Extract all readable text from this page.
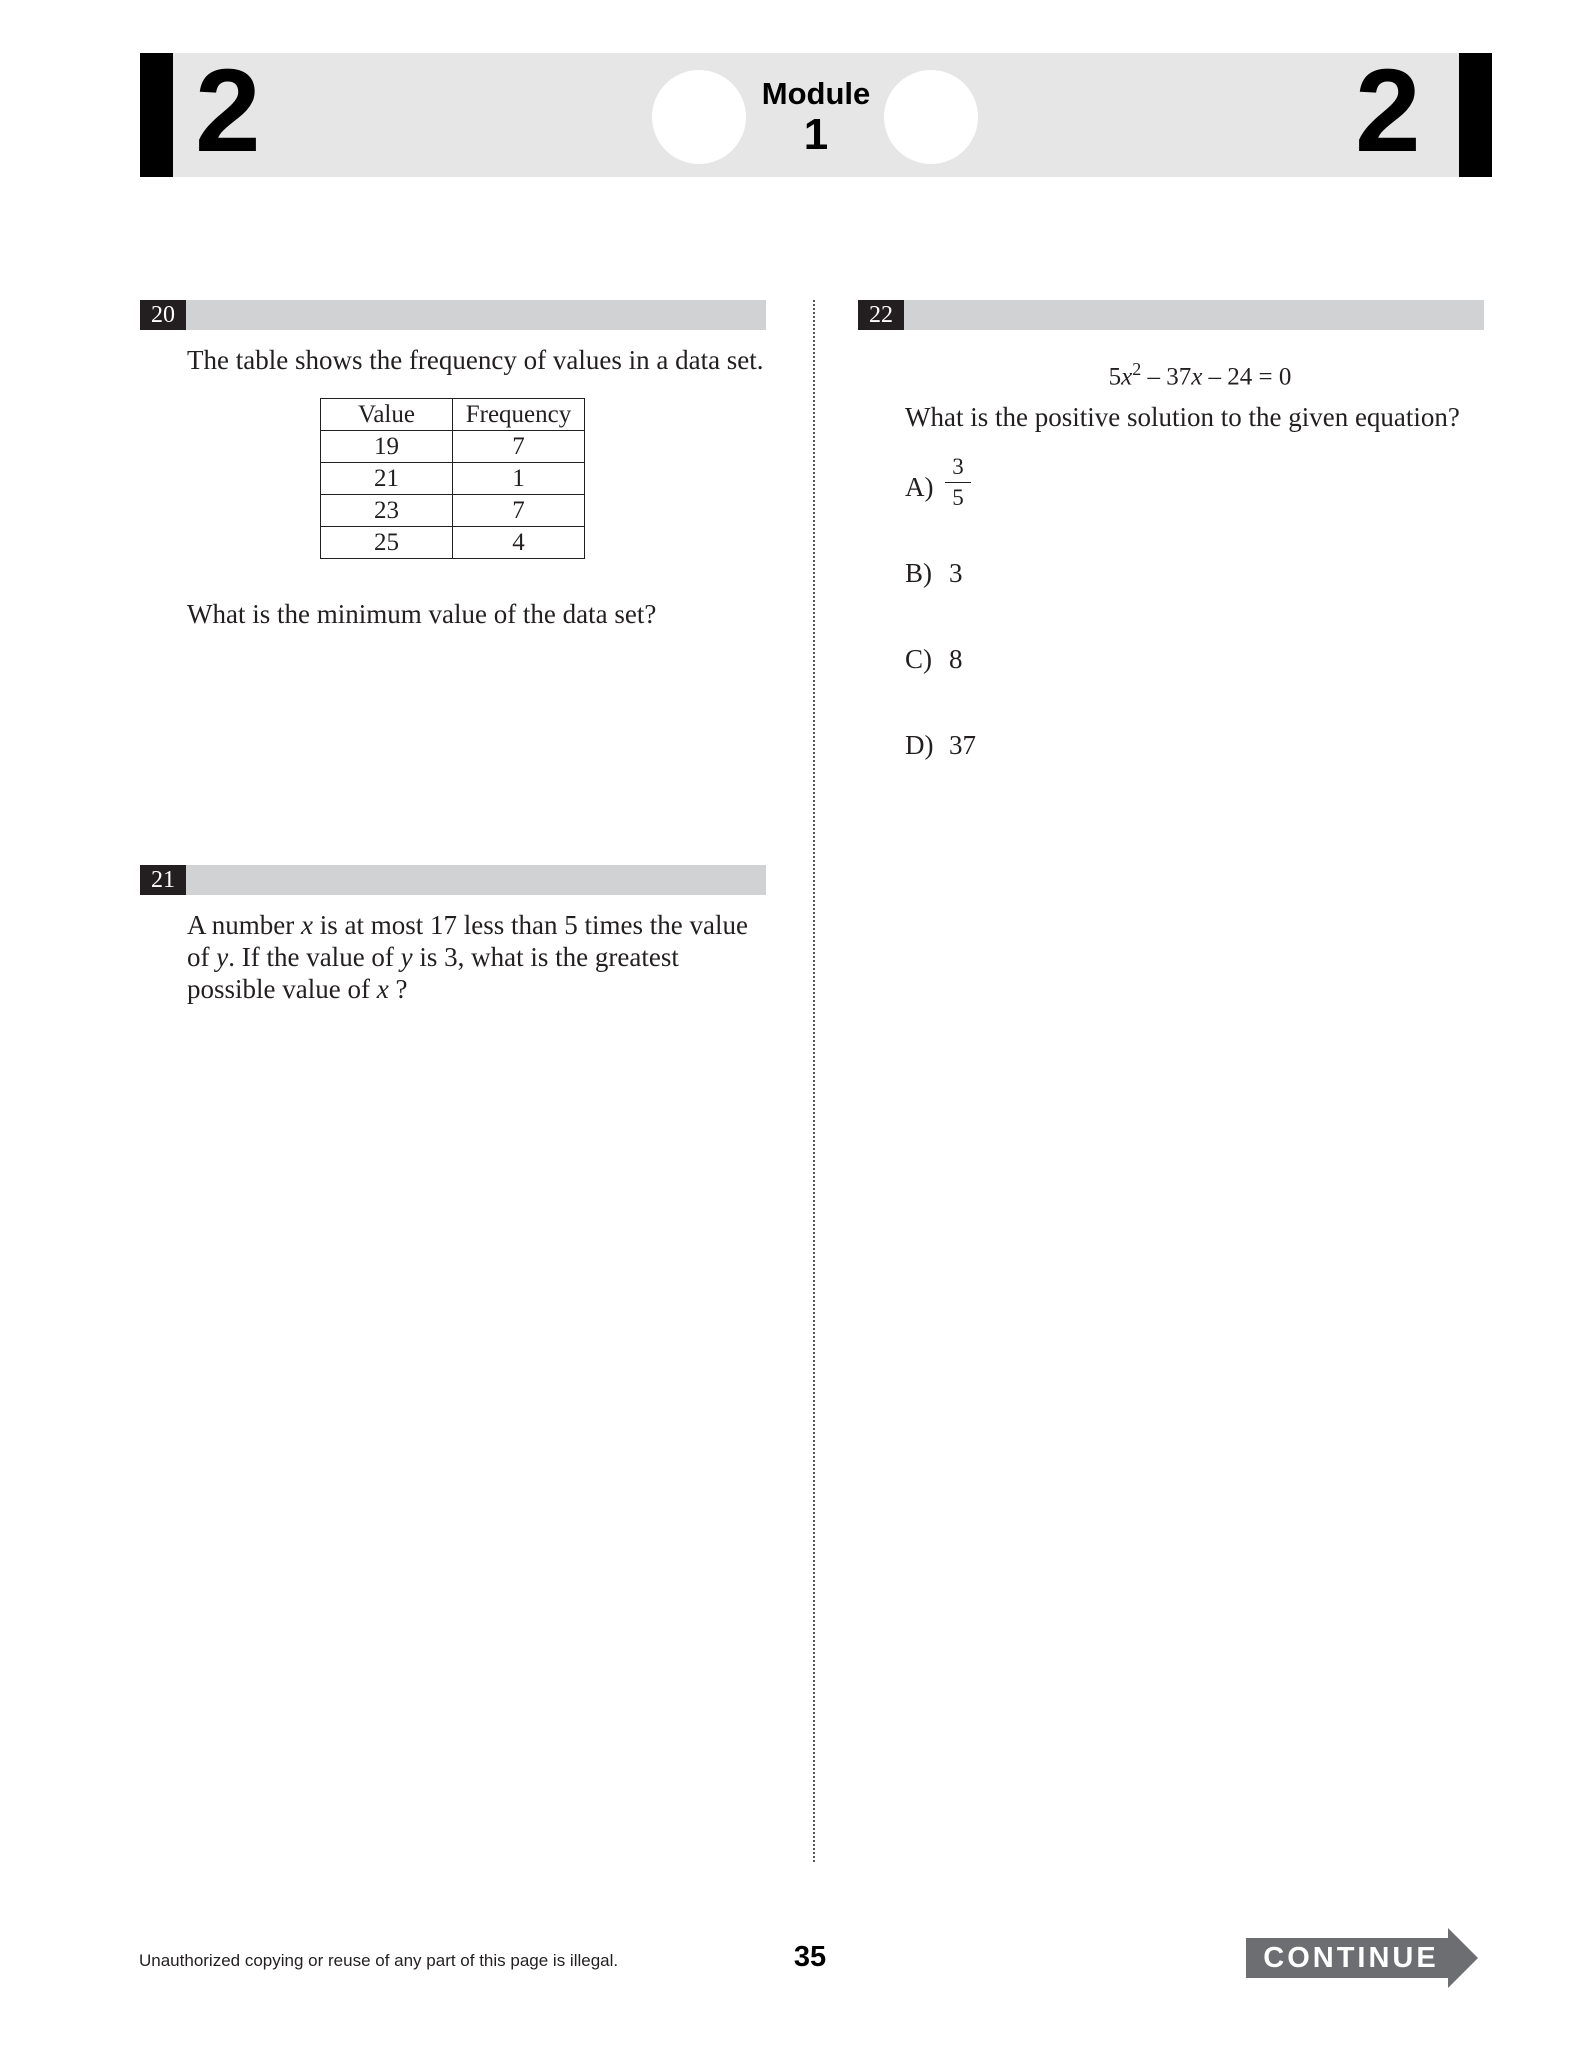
2	2
Module
1
20
The table shows the frequency of values in a data set.
Value	Frequency
19	7
21	1
23	7
25	4
What is the minimum value of the data set?
21
A number x is at most 17 less than 5 times the value
of y. If the value of y is 3, what is the greatest
possible value of x ?
22
$5x^2 - 37x - 24 = 0$
What is the positive solution to the given equation?
A)
3
5
B) 3
C) 8
D) 37
Unauthorized copying or reuse of any part of this page is illegal.	35	CONTINUE
